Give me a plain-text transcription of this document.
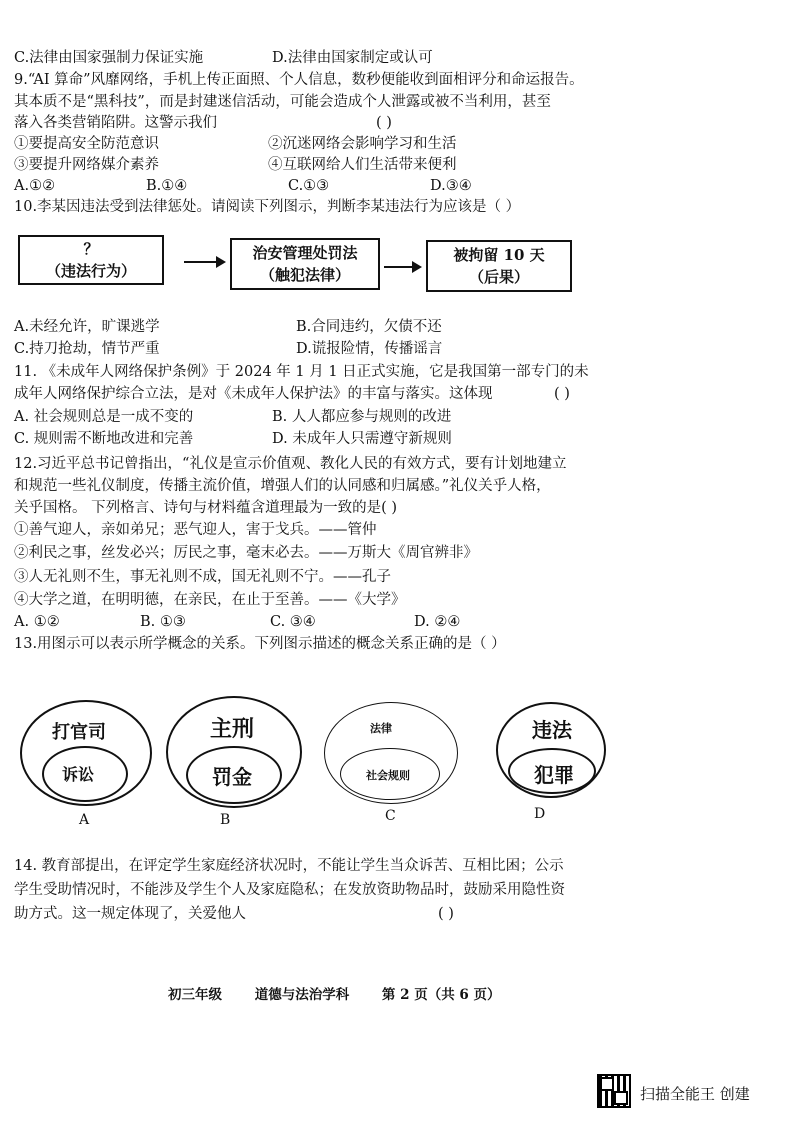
C.法律由国家强制力保证实施	D.法律由国家制定或认可
9.“AI 算命”风靡网络，手机上传正面照、个人信息，数秒便能收到面相评分和命运报告。
其本质不是“黑科技”，而是封建迷信活动，可能会造成个人泄露或被不当利用，甚至
落入各类营销陷阱。这警示我们	( )
①要提高安全防范意识	②沉迷网络会影响学习和生活
③要提升网络媒介素养	④互联网给人们生活带来便利
A.①②	B.①④	C.①③	D.③④
10.李某因违法受到法律惩处。请阅读下列图示，判断李某违法行为应该是（ ）
？
（违法行为）
治安管理处罚法
（触犯法律）
被拘留 10 天
（后果）
A.未经允许，旷课逃学	B.合同违约，欠债不还
C.持刀抢劫，情节严重	D.谎报险情，传播谣言
11. 《未成年人网络保护条例》于 2024 年 1 月 1 日正式实施，它是我国第一部专门的未
成年人网络保护综合立法，是对《未成年人保护法》的丰富与落实。这体现	( )
A. 社会规则总是一成不变的	B. 人人都应参与规则的改进
C. 规则需不断地改进和完善	D. 未成年人只需遵守新规则
12.习近平总书记曾指出，“礼仪是宣示价值观、教化人民的有效方式，要有计划地建立
和规范一些礼仪制度，传播主流价值，增强人们的认同感和归属感。”礼仪关乎人格，
关乎国格。 下列格言、诗句与材料蕴含道理最为一致的是( )
①善气迎人，亲如弟兄；恶气迎人，害于戈兵。——管仲
②利民之事，丝发必兴；厉民之事，毫末必去。——万斯大《周官辨非》
③人无礼则不生，事无礼则不成，国无礼则不宁。——孔子
④大学之道，在明明德，在亲民，在止于至善。——《大学》
A. ①②	B. ①③	C. ③④	D. ②④
13.用图示可以表示所学概念的关系。下列图示描述的概念关系正确的是（ ）
打官司
诉讼
A
主刑
罚金
B
法律
社会规则
C
违法
犯罪
D
14. 教育部提出，在评定学生家庭经济状况时，不能让学生当众诉苦、互相比困；公示
学生受助情况时，不能涉及学生个人及家庭隐私；在发放资助物品时，鼓励采用隐性资
助方式。这一规定体现了，关爱他人	( )
初三年级 道德与法治学科 第 2 页（共 6 页）
扫描全能王 创建
